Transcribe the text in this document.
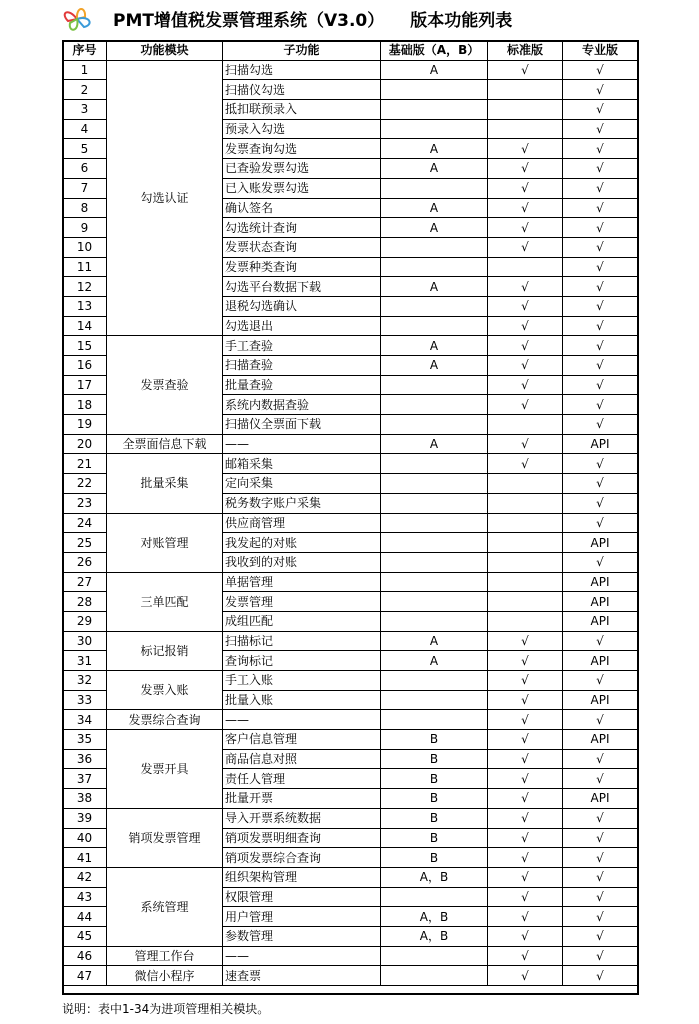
PMT增值税发票管理系统（V3.0） 版本功能列表
序号	功能模块	子功能	基础版（A，B）	标准版	专业版
1	勾选认证	扫描勾选	A	√	√
2		扫描仪勾选			√
3		抵扣联预录入			√
4		预录入勾选			√
5		发票查询勾选	A	√	√
6		已查验发票勾选	A	√	√
7		已入账发票勾选		√	√
8		确认签名	A	√	√
9		勾选统计查询	A	√	√
10		发票状态查询		√	√
11		发票种类查询			√
12		勾选平台数据下载	A	√	√
13		退税勾选确认		√	√
14		勾选退出		√	√
15	发票查验	手工查验	A	√	√
16		扫描查验	A	√	√
17		批量查验		√	√
18		系统内数据查验		√	√
19		扫描仪全票面下载			√
20	全票面信息下载	——	A	√	API
21	批量采集	邮箱采集		√	√
22		定向采集			√
23		税务数字账户采集			√
24	对账管理	供应商管理			√
25		我发起的对账			API
26		我收到的对账			√
27	三单匹配	单据管理			API
28		发票管理			API
29		成组匹配			API
30	标记报销	扫描标记	A	√	√
31		查询标记	A	√	API
32	发票入账	手工入账		√	√
33		批量入账		√	API
34	发票综合查询	——		√	√
35	发票开具	客户信息管理	B	√	API
36		商品信息对照	B	√	√
37		责任人管理	B	√	√
38		批量开票	B	√	API
39	销项发票管理	导入开票系统数据	B	√	√
40		销项发票明细查询	B	√	√
41		销项发票综合查询	B	√	√
42	系统管理	组织架构管理	A，B	√	√
43		权限管理		√	√
44		用户管理	A，B	√	√
45		参数管理	A，B	√	√
46	管理工作台	——		√	√
47	微信小程序	速查票		√	√
说明：表中1-34为进项管理相关模块。
